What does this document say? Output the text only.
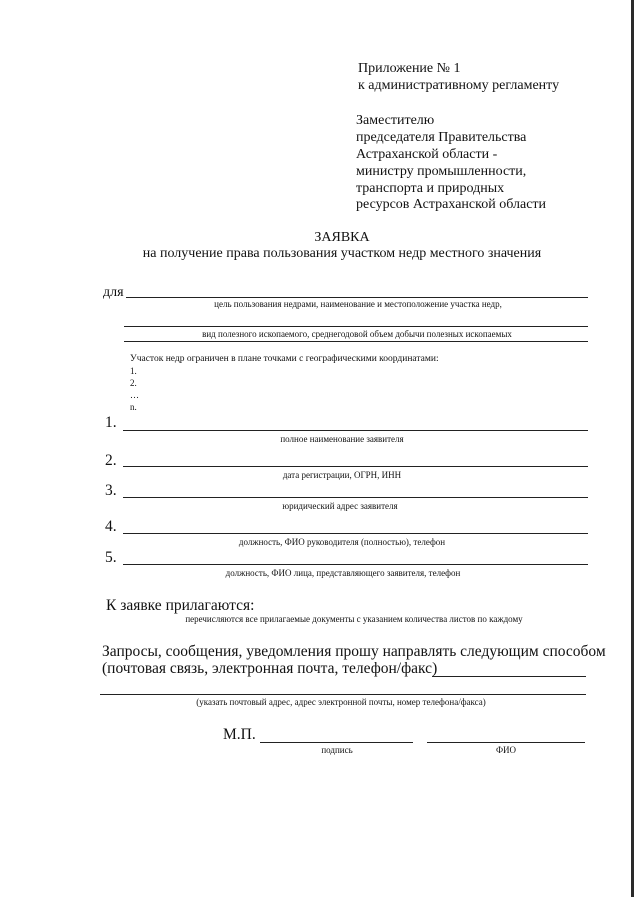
Приложение № 1
к административному регламенту
Заместителю
председателя Правительства
Астраханской области -
министру промышленности,
транспорта и природных
ресурсов Астраханской области
ЗАЯВКА
на получение права пользования участком недр местного значения
для
цель пользования недрами, наименование и местоположение участка недр,
вид полезного ископаемого, среднегодовой объем добычи полезных ископаемых
Участок недр ограничен в плане точками с географическими координатами:
1.
2.
…
n.
1.
полное наименование заявителя
2.
дата регистрации, ОГРН, ИНН
3.
юридический адрес заявителя
4.
должность, ФИО руководителя (полностью), телефон
5.
должность, ФИО лица, представляющего заявителя, телефон
К заявке прилагаются:
перечисляются все прилагаемые документы с указанием количества листов по каждому
Запросы, сообщения, уведомления прошу направлять следующим способом
(почтовая связь, электронная почта, телефон/факс)
(указать почтовый адрес, адрес электронной почты, номер телефона/факса)
М.П.
подпись	ФИО
